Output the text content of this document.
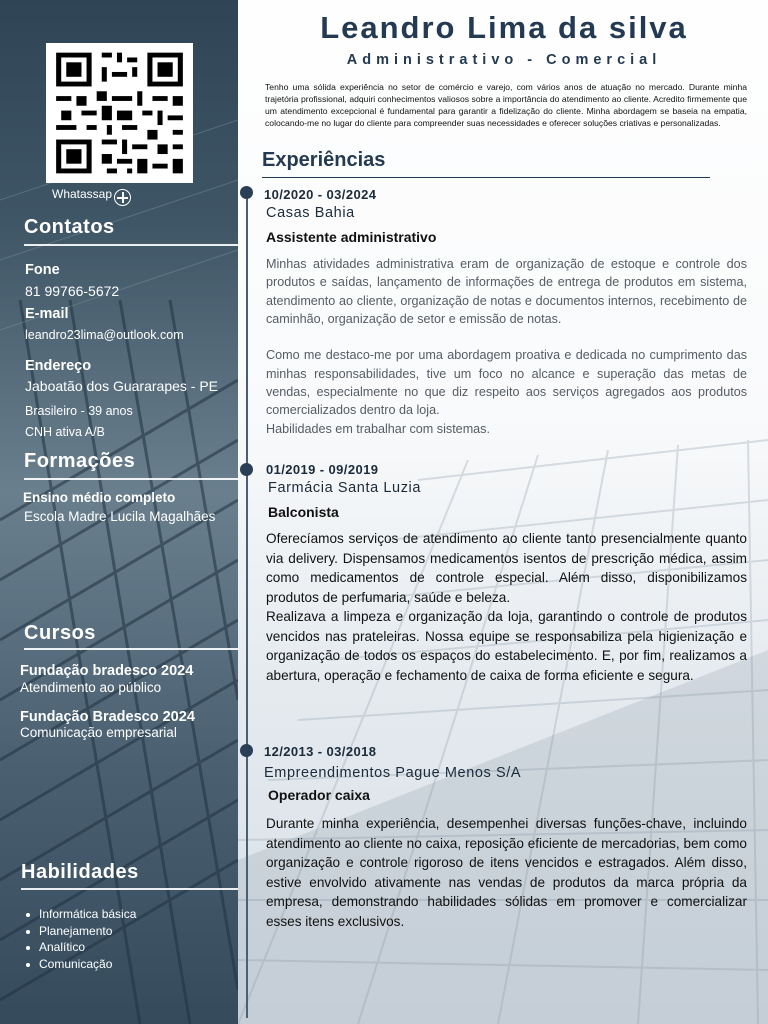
Whatassap
Contatos
Fone
81 99766-5672
E-mail
leandro23lima@outlook.com
Endereço
Jaboatão dos Guararapes - PE
Brasileiro - 39 anos
CNH ativa A/B
Formações
Ensino médio completo
Escola Madre Lucila Magalhães
Cursos
Fundação bradesco 2024
Atendimento ao público
Fundação Bradesco 2024
Comunicação empresarial
Habilidades
Informática básica
Planejamento
Analítico
Comunicação
Leandro Lima da silva
Administrativo - Comercial
Tenho uma sólida experiência no setor de comércio e varejo, com vários anos de atuação no mercado. Durante minha trajetória profissional, adquiri conhecimentos valiosos sobre a importância do atendimento ao cliente. Acredito firmemente que um atendimento excepcional é fundamental para garantir a fidelização do cliente. Minha abordagem se baseia na empatia, colocando-me no lugar do cliente para compreender suas necessidades e oferecer soluções criativas e personalizadas.
Experiências
10/2020 - 03/2024
Casas Bahia
Assistente administrativo
Minhas atividades administrativa eram de organização de estoque e controle dos produtos e saídas, lançamento de informações de entrega de produtos em sistema, atendimento ao cliente, organização de notas e documentos internos, recebimento de caminhão, organização de setor e emissão de notas.

Como me destaco-me por uma abordagem proativa e dedicada no cumprimento das minhas responsabilidades, tive um foco no alcance e superação das metas de vendas, especialmente no que diz respeito aos serviços agregados aos produtos comercializados dentro da loja.
Habilidades em trabalhar com sistemas.
01/2019 - 09/2019
Farmácia Santa Luzia
Balconista
Oferecíamos serviços de atendimento ao cliente tanto presencialmente quanto via delivery. Dispensamos medicamentos isentos de prescrição médica, assim como medicamentos de controle especial. Além disso, disponibilizamos produtos de perfumaria, saúde e beleza.
Realizava a limpeza e organização da loja, garantindo o controle de produtos vencidos nas prateleiras. Nossa equipe se responsabiliza pela higienização e organização de todos os espaços do estabelecimento. E, por fim, realizamos a abertura, operação e fechamento de caixa de forma eficiente e segura.
12/2013 - 03/2018
Empreendimentos Pague Menos S/A
Operador caixa
Durante minha experiência, desempenhei diversas funções-chave, incluindo atendimento ao cliente no caixa, reposição eficiente de mercadorias, bem como organização e controle rigoroso de itens vencidos e estragados. Além disso, estive envolvido ativamente nas vendas de produtos da marca própria da empresa, demonstrando habilidades sólidas em promover e comercializar esses itens exclusivos.
